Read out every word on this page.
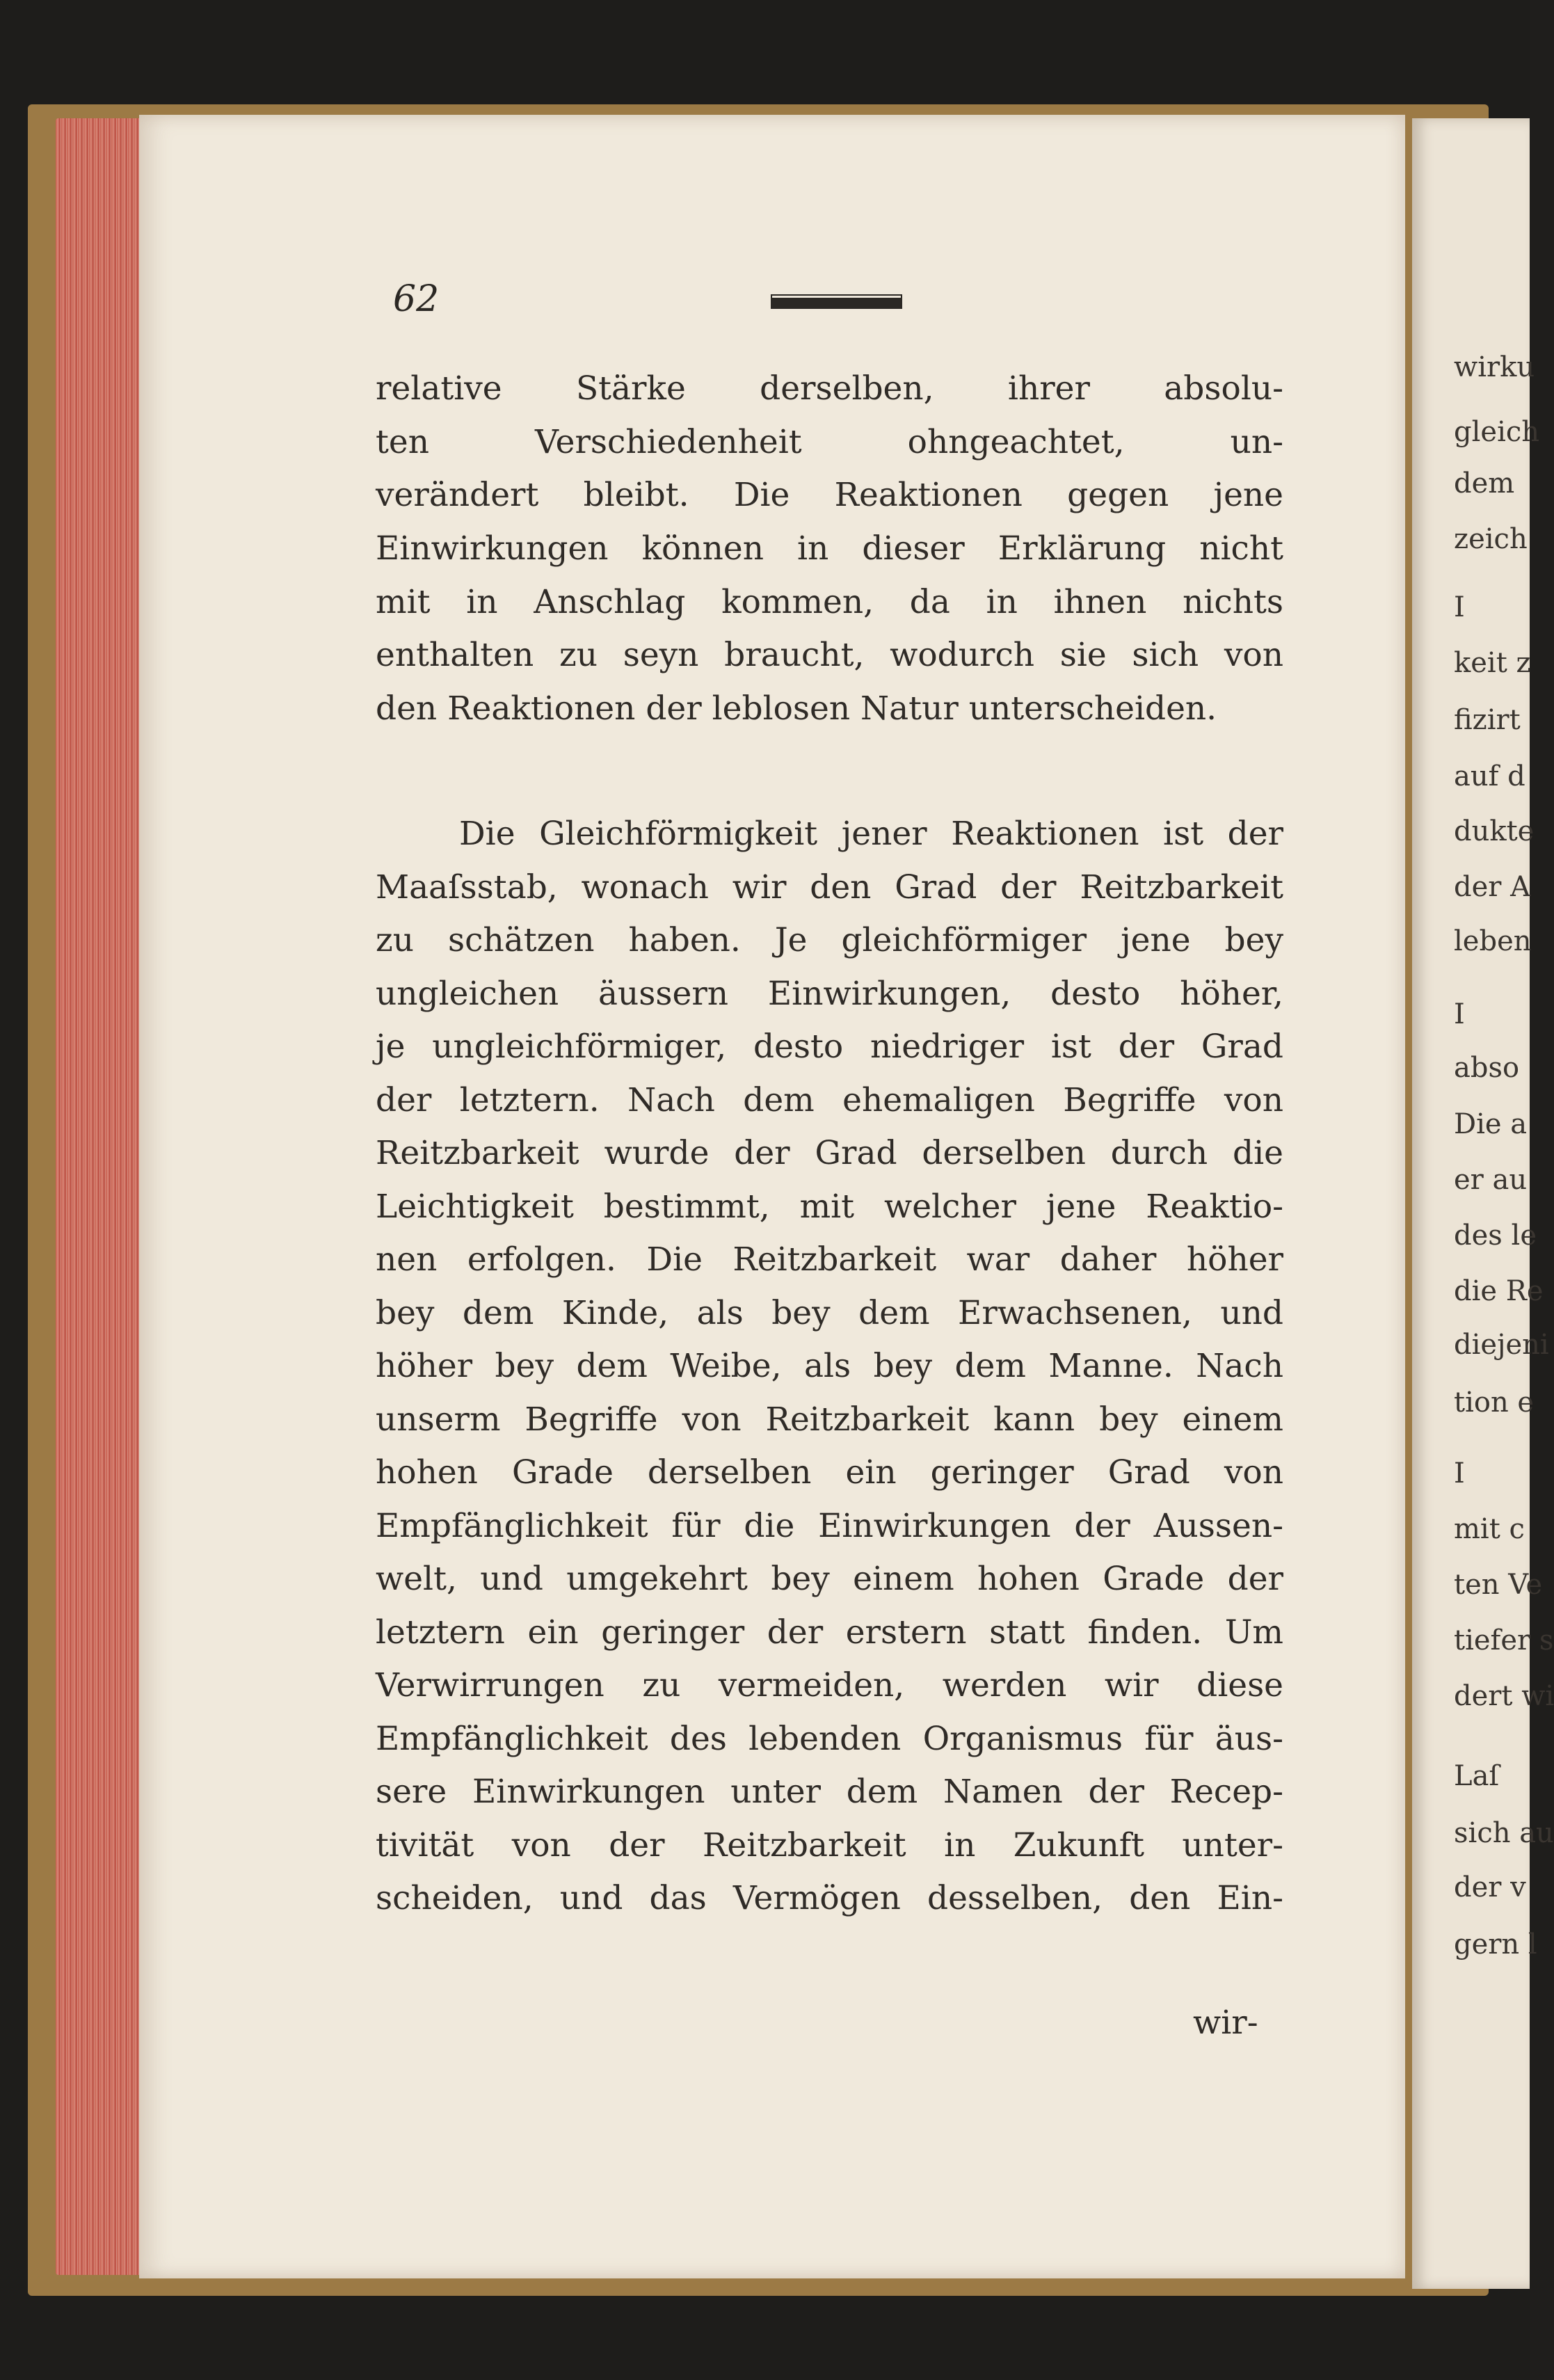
wirku
gleich
dem
zeich
I
keit z
fizirt
auf d
dukte
der A
leben
I
abso
Die a
er au
des le
die Re
diejeni
tion e
I
mit c
ten Ve
tiefer s
dert wi
Laſ
sich au
der v
gern l
62
relative Stärke derselben, ihrer absolu-
ten Verschiedenheit ohngeachtet, un-
verändert bleibt. Die Reaktionen gegen jene
Einwirkungen können in dieser Erklärung nicht
mit in Anschlag kommen, da in ihnen nichts
enthalten zu seyn braucht, wodurch sie sich von
den Reaktionen der leblosen Natur unterscheiden.
Die Gleichförmigkeit jener Reaktionen ist der
Maaſsstab, wonach wir den Grad der Reitzbarkeit
zu schätzen haben. Je gleichförmiger jene bey
ungleichen äussern Einwirkungen, desto höher,
je ungleichförmiger, desto niedriger ist der Grad
der letztern. Nach dem ehemaligen Begriffe von
Reitzbarkeit wurde der Grad derselben durch die
Leichtigkeit bestimmt, mit welcher jene Reaktio-
nen erfolgen. Die Reitzbarkeit war daher höher
bey dem Kinde, als bey dem Erwachsenen, und
höher bey dem Weibe, als bey dem Manne. Nach
unserm Begriffe von Reitzbarkeit kann bey einem
hohen Grade derselben ein geringer Grad von
Empfänglichkeit für die Einwirkungen der Aussen-
welt, und umgekehrt bey einem hohen Grade der
letztern ein geringer der erstern statt finden. Um
Verwirrungen zu vermeiden, werden wir diese
Empfänglichkeit des lebenden Organismus für äus-
sere Einwirkungen unter dem Namen der Recep-
tivität von der Reitzbarkeit in Zukunft unter-
scheiden, und das Vermögen desselben, den Ein-
wir-
